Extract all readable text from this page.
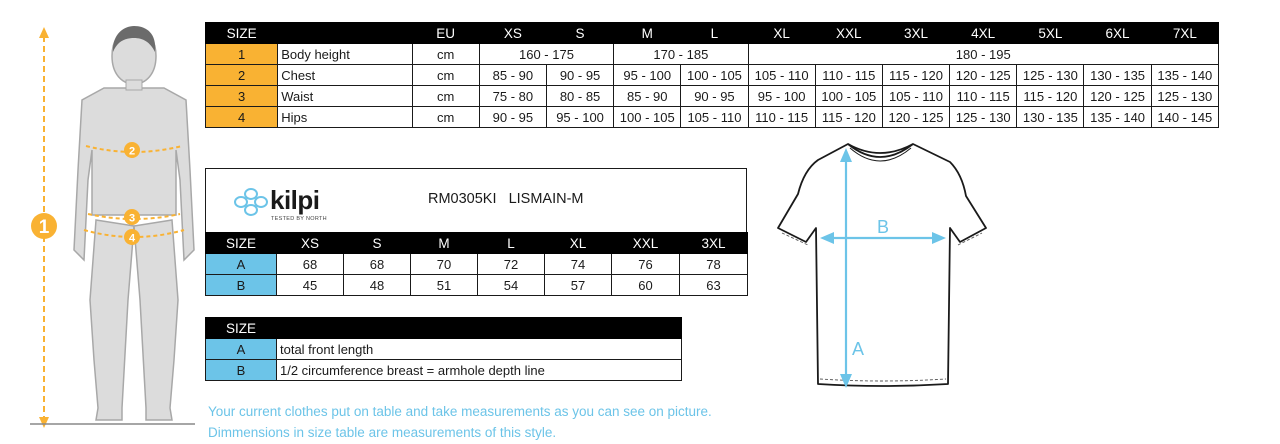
2
3
4
1
SIZE		EU	XS	S	M	L	XL	XXL	3XL	4XL	5XL	6XL	7XL
1	Body height	cm	160 - 175		170 - 185		180 - 195						
2	Chest	cm	85 - 90	90 - 95	95 - 100	100 - 105	105 - 110	110 - 115	115 - 120	120 - 125	125 - 130	130 - 135	135 - 140
3	Waist	cm	75 - 80	80 - 85	85 - 90	90 - 95	95 - 100	100 - 105	105 - 110	110 - 115	115 - 120	120 - 125	125 - 130
4	Hips	cm	90 - 95	95 - 100	100 - 105	105 - 110	110 - 115	115 - 120	120 - 125	125 - 130	130 - 135	135 - 140	140 - 145
kilpi
TESTED BY NORTH
RM0305KI   LISMAIN-M
SIZE	XS	S	M	L	XL	XXL	3XL
A	68	68	70	72	74	76	78
B	45	48	51	54	57	60	63
SIZE	
A	total front length
B	1/2 circumference breast = armhole depth line
A
B
Your current clothes put on table and take measurements as you can see on picture.
Dimmensions in size table are measurements of this style.
